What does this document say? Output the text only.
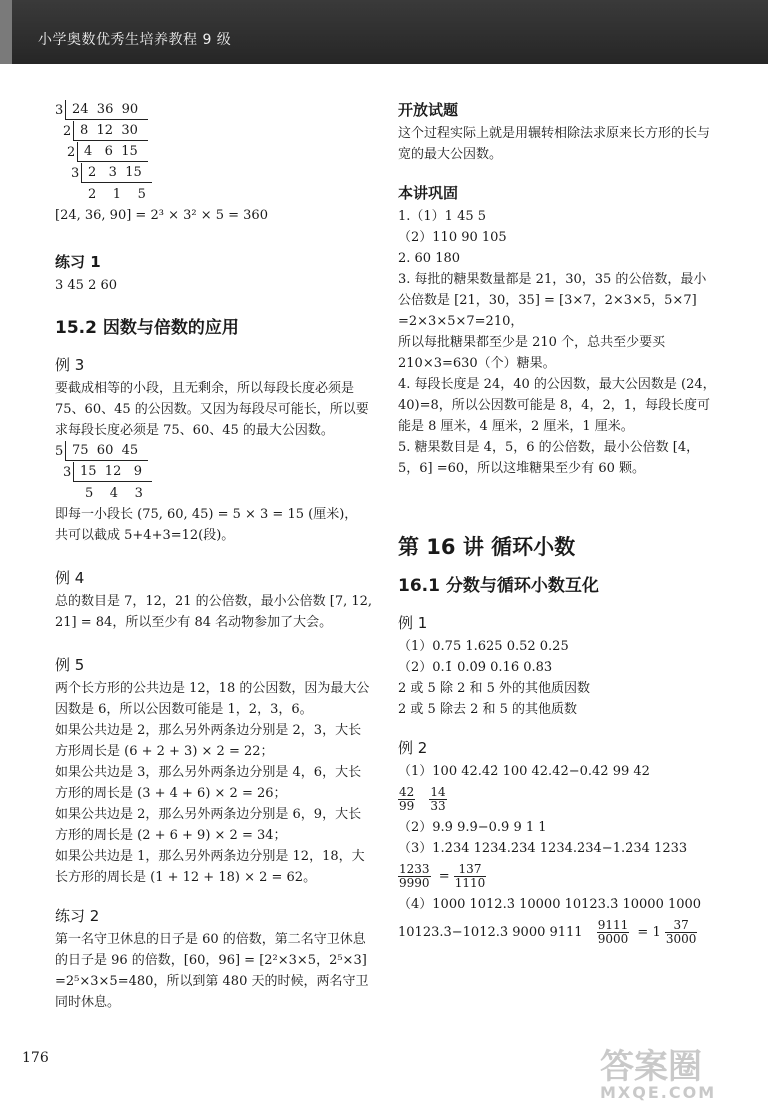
小学奥数优秀生培养教程 9 级
3 24  36  90
2 8  12  30
2 4   6  15
3 2   3  15
2    1    5

[24, 36, 90] = 2³ × 3² × 5 = 360

练习 1

3 45 2 60

15.2 因数与倍数的应用

例 3

要截成相等的小段，且无剩余，所以每段长度必须是 75、60、45 的公因数。又因为每段尽可能长，所以要求每段长度必须是 75、60、45 的最大公因数。

5 75  60  45
3 15  12   9
5    4    3

即每一小段长 (75, 60, 45) = 5 × 3 = 15 (厘米)，

共可以截成 5+4+3=12(段)。

例 4

总的数目是 7，12，21 的公倍数，最小公倍数 [7, 12, 21] = 84，所以至少有 84 名动物参加了大会。

例 5

两个长方形的公共边是 12，18 的公因数，因为最大公因数是 6，所以公因数可能是 1，2，3，6。

如果公共边是 2，那么另外两条边分别是 2，3，大长方形周长是 (6 + 2 + 3) × 2 = 22；

如果公共边是 3，那么另外两条边分别是 4，6，大长方形的周长是 (3 + 4 + 6) × 2 = 26；

如果公共边是 2，那么另外两条边分别是 6，9，大长方形的周长是 (2 + 6 + 9) × 2 = 34；

如果公共边是 1，那么另外两条边分别是 12，18，大长方形的周长是 (1 + 12 + 18) × 2 = 62。

练习 2

第一名守卫休息的日子是 60 的倍数，第二名守卫休息的日子是 96 的倍数，[60，96] = [2²×3×5，2⁵×3] =2⁵×3×5=480，所以到第 480 天的时候，两名守卫同时休息。

开放试题

这个过程实际上就是用辗转相除法求原来长方形的长与宽的最大公因数。

本讲巩固

1.（1）1 45 5

（2）110 90 105

2. 60 180

3. 每批的糖果数量都是 21，30，35 的公倍数，最小公倍数是 [21，30，35] = [3×7，2×3×5，5×7] =2×3×5×7=210，

所以每批糖果都至少是 210 个，总共至少要买 210×3=630（个）糖果。

4. 每段长度是 24，40 的公因数，最大公因数是 (24，40)=8，所以公因数可能是 8，4，2，1，每段长度可能是 8 厘米，4 厘米，2 厘米，1 厘米。

5. 糖果数目是 4，5，6 的公倍数，最小公倍数 [4，5，6] =60，所以这堆糖果至少有 60 颗。

第 16 讲 循环小数

16.1 分数与循环小数互化

例 1

（1）0.75 1.625 0.52 0.25

（2）0.1̇ 0.0̇9̇ 0.16̇ 0.83̇

2 或 5 除 2 和 5 外的其他质因数

2 或 5 除去 2 和 5 的其他质数

例 2

（1）100 42.4̇2̇ 100 42.4̇2̇−0.4̇2̇ 99 42

$\frac{42}{99}$
$\frac{14}{33}$

（2）9.9̇ 9.9̇−0.9̇ 9 1 1

（3）1.2̇34̇ 1234.2̇34̇ 1234.2̇34̇−1.2̇34̇ 1233

$\frac{1233}{9990} = \frac{137}{1110}$

（4）1000 1012.3̇ 10000 10123.3̇ 10000 1000

10123.3̇−1012.3̇ 9000 $9111 \frac{9111}{9000} = 1 \frac{37}{3000}$
176	答案圈
MXQE.COM
